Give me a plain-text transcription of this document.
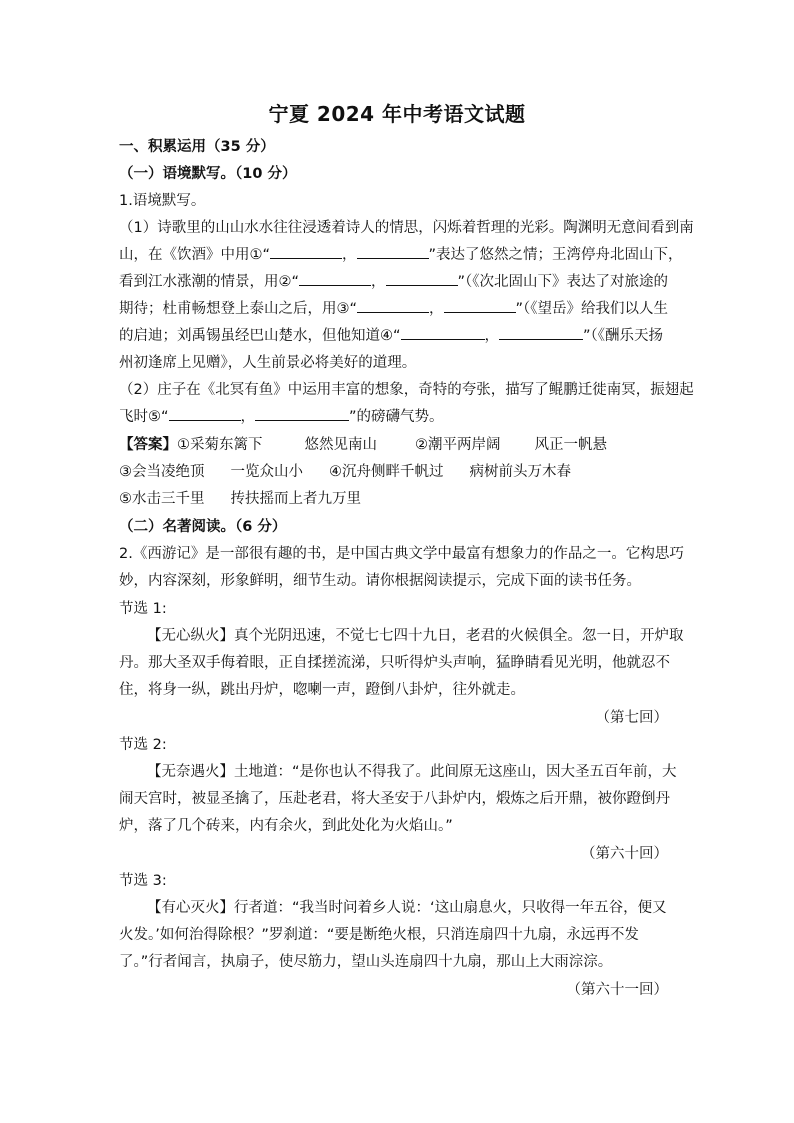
宁夏 2024 年中考语文试题
一、积累运用（35 分）
（一）语境默写。（10 分）
1.语境默写。
（1）诗歌里的山山水水往往浸透着诗人的情思，闪烁着哲理的光彩。陶渊明无意间看到南
山，在《饮酒》中用①“	，	”表达了悠然之情；王湾停舟北固山下，
看到江水涨潮的情景，用②“	，	”（《次北固山下》表达了对旅途的
期待；杜甫畅想登上泰山之后，用③“	，	”（《望岳》给我们以人生
的启迪；刘禹锡虽经巴山楚水，但他知道④“	，	”（《酬乐天扬
州初逢席上见赠》，人生前景必将美好的道理。
（2）庄子在《北冥有鱼》中运用丰富的想象，奇特的夸张，描写了鲲鹏迁徙南冥，振翅起
飞时⑤“	，	”的磅礴气势。
【答案】①采菊东篱下	悠然见南山	②潮平两岸阔 风正一帆悬
③会当凌绝顶 一览众山小 ④沉舟侧畔千帆过 病树前头万木春
⑤水击三千里 抟扶摇而上者九万里
（二）名著阅读。（6 分）
2.《西游记》是一部很有趣的书，是中国古典文学中最富有想象力的作品之一。它构思巧
妙，内容深刻，形象鲜明，细节生动。请你根据阅读提示，完成下面的读书任务。
节选 1:
【无心纵火】真个光阴迅速，不觉七七四十九日，老君的火候俱全。忽一日，开炉取
丹。那大圣双手侮着眼，正自揉搓流涕，只听得炉头声响，猛睁睛看见光明，他就忍不
住，将身一纵，跳出丹炉，唿喇一声，蹬倒八卦炉，往外就走。
（第七回）
节选 2:
【无奈遇火】土地道：“是你也认不得我了。此间原无这座山，因大圣五百年前，大
闹天宫时，被显圣擒了，压赴老君，将大圣安于八卦炉内，煅炼之后开鼎，被你蹬倒丹
炉，落了几个砖来，内有余火，到此处化为火焰山。”
（第六十回）
节选 3:
【有心灭火】行者道：“我当时问着乡人说：‘这山扇息火，只收得一年五谷，便又
火发。’如何治得除根？”罗刹道：“要是断绝火根，只消连扇四十九扇，永远再不发
了。”行者闻言，执扇子，使尽筋力，望山头连扇四十九扇，那山上大雨淙淙。
（第六十一回）
